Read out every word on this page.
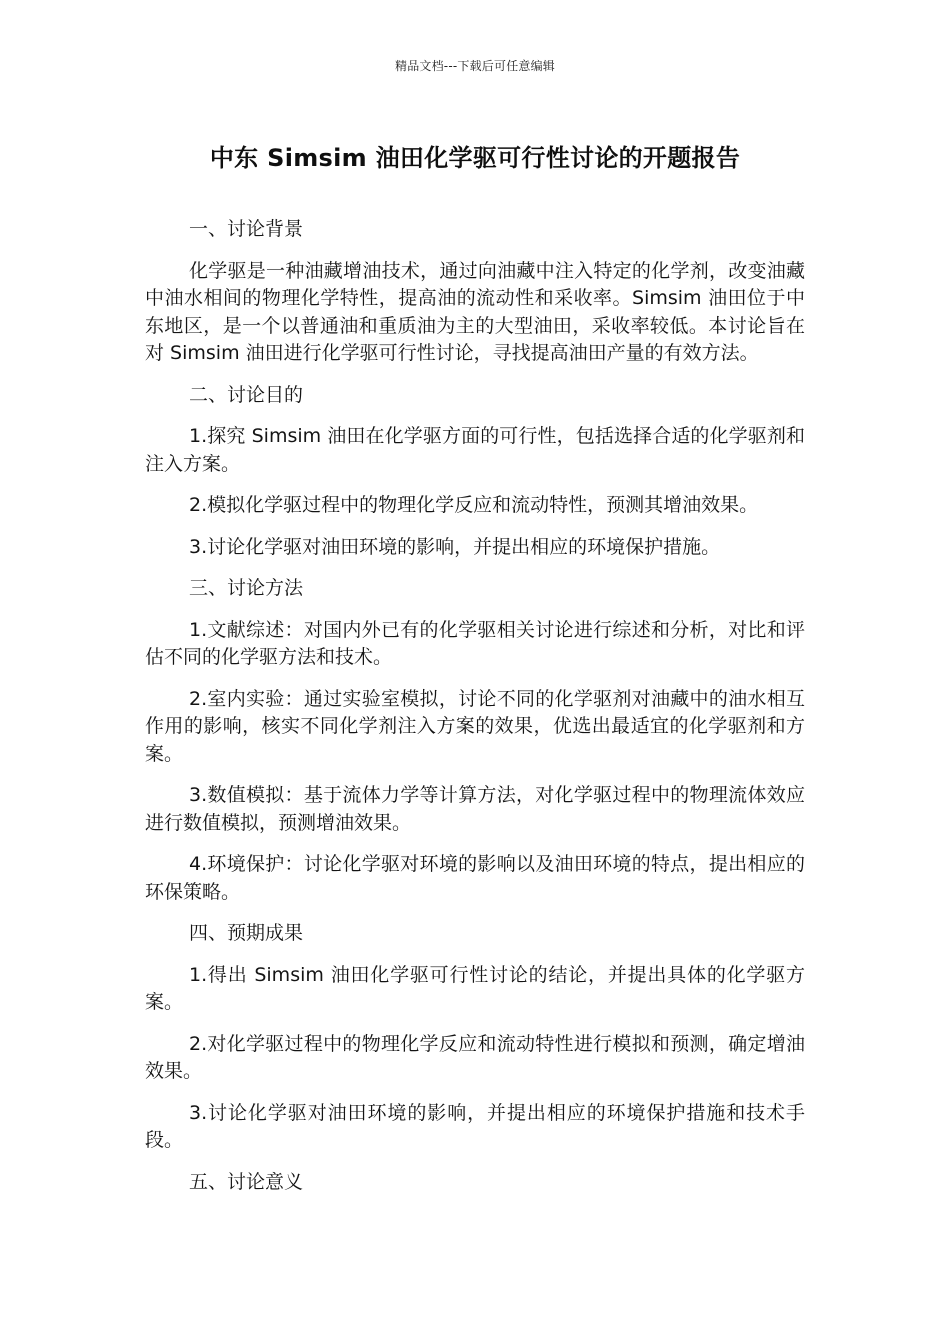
精品文档---下载后可任意编辑
中东 Simsim 油田化学驱可行性讨论的开题报告

一、讨论背景

化学驱是一种油藏增油技术，通过向油藏中注入特定的化学剂，改变油藏中油水相间的物理化学特性，提高油的流动性和采收率。Simsim 油田位于中东地区，是一个以普通油和重质油为主的大型油田，采收率较低。本讨论旨在对 Simsim 油田进行化学驱可行性讨论，寻找提高油田产量的有效方法。

二、讨论目的

1.探究 Simsim 油田在化学驱方面的可行性，包括选择合适的化学驱剂和注入方案。

2.模拟化学驱过程中的物理化学反应和流动特性，预测其增油效果。

3.讨论化学驱对油田环境的影响，并提出相应的环境保护措施。

三、讨论方法

1.文献综述：对国内外已有的化学驱相关讨论进行综述和分析，对比和评估不同的化学驱方法和技术。

2.室内实验：通过实验室模拟，讨论不同的化学驱剂对油藏中的油水相互作用的影响，核实不同化学剂注入方案的效果，优选出最适宜的化学驱剂和方案。

3.数值模拟：基于流体力学等计算方法，对化学驱过程中的物理流体效应进行数值模拟，预测增油效果。

4.环境保护：讨论化学驱对环境的影响以及油田环境的特点，提出相应的环保策略。

四、预期成果

1.得出 Simsim 油田化学驱可行性讨论的结论，并提出具体的化学驱方案。

2.对化学驱过程中的物理化学反应和流动特性进行模拟和预测，确定增油效果。

3.讨论化学驱对油田环境的影响，并提出相应的环境保护措施和技术手段。

五、讨论意义
